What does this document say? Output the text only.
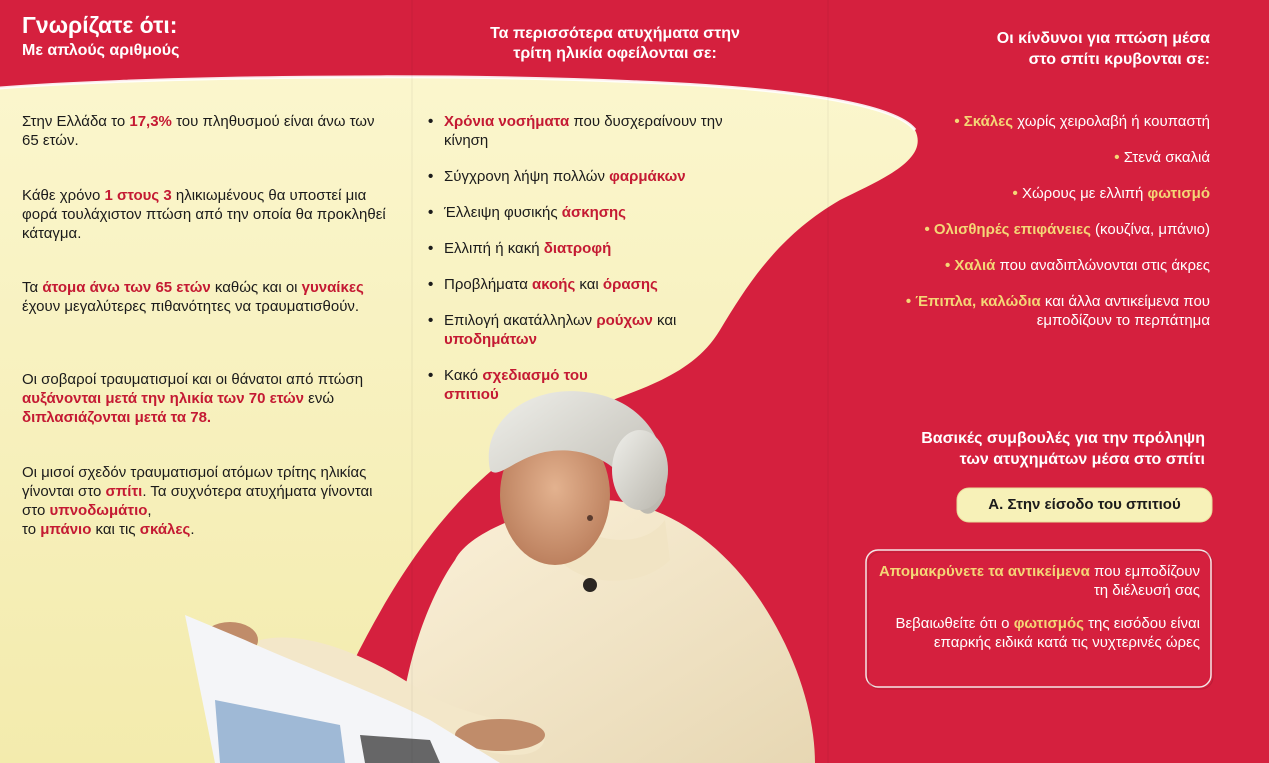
Γνωρίζατε ότι:
Με απλούς αριθμούς
Στην Ελλάδα το 17,3% του πληθυσμού είναι άνω των 65 ετών.
Κάθε χρόνο 1 στους 3 ηλικιωμένους θα υποστεί μια φορά τουλάχιστον πτώση από την οποία θα προκληθεί κάταγμα.
Τα άτομα άνω των 65 ετών καθώς και οι γυναίκες έχουν μεγαλύτερες πιθανότητες να τραυματισθούν.
Οι σοβαροί τραυματισμοί και οι θάνατοι από πτώση αυξάνονται μετά την ηλικία των 70 ετών ενώ διπλασιάζονται μετά τα 78.
Οι μισοί σχεδόν τραυματισμοί ατόμων τρίτης ηλικίας γίνονται στο σπίτι. Τα συχνότερα ατυχήματα γίνονται στο υπνοδωμάτιο,
το μπάνιο και τις σκάλες.
Τα περισσότερα ατυχήματα στην
τρίτη ηλικία οφείλονται σε:
• Χρόνια νοσήματα που δυσχεραίνουν την κίνηση
• Σύγχρονη λήψη πολλών φαρμάκων
• Έλλειψη φυσικής άσκησης
• Ελλιπή ή κακή διατροφή
• Προβλήματα ακοής και όρασης
• Επιλογή ακατάλληλων ρούχων και υποδημάτων
• Κακό σχεδιασμό του σπιτιού
Οι κίνδυνοι για πτώση μέσα
στο σπίτι κρυβονται σε:
• Σκάλες χωρίς χειρολαβή ή κουπαστή
• Στενά σκαλιά
• Χώρους με ελλιπή φωτισμό
• Ολισθηρές επιφάνειες (κουζίνα, μπάνιο)
• Χαλιά που αναδιπλώνονται στις άκρες
• Έπιπλα, καλώδια και άλλα αντικείμενα που εμποδίζουν το περπάτημα
Βασικές συμβουλές για την πρόληψη
των ατυχημάτων μέσα στο σπίτι
Α. Στην είσοδο του σπιτιού
Απομακρύνετε τα αντικείμενα που εμποδίζουν τη διέλευσή σας
Βεβαιωθείτε ότι ο φωτισμός της εισόδου είναι επαρκής ειδικά κατά τις νυχτερινές ώρες
